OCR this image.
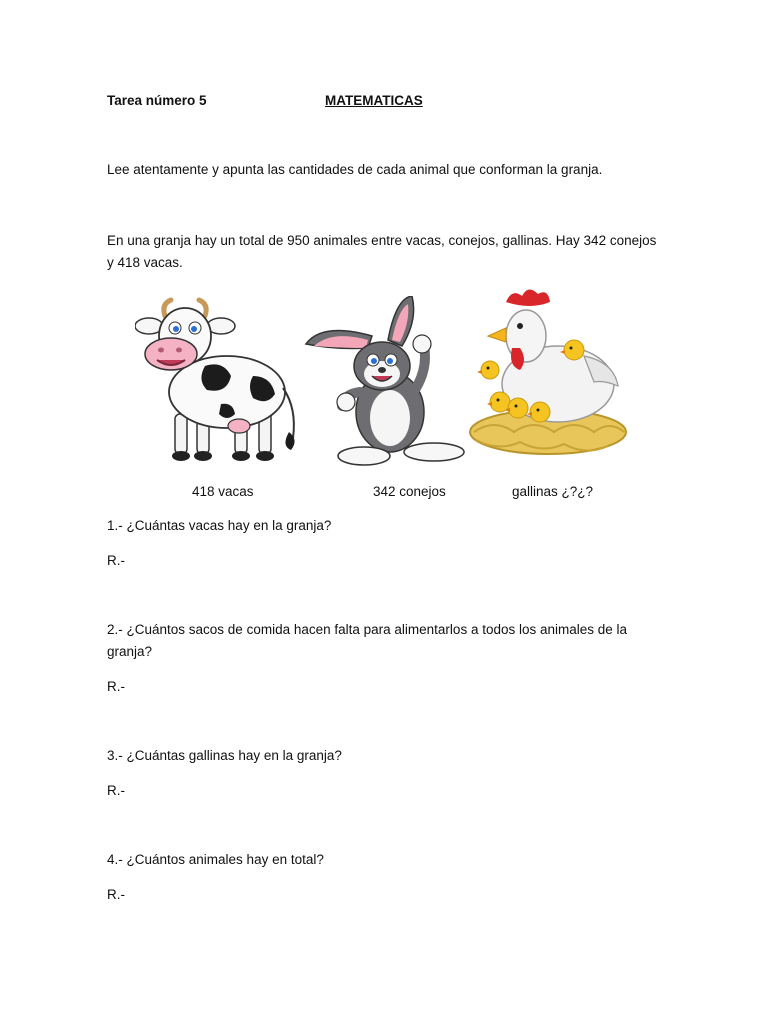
Tarea número 5	MATEMATICAS
Lee atentamente y apunta las cantidades de cada animal que conforman la granja.
En una granja hay un total de 950 animales entre vacas, conejos, gallinas. Hay 342 conejos
y 418 vacas.
418 vacas	342 conejos	gallinas ¿?¿?
1.- ¿Cuántas vacas hay en la granja?
R.-
2.- ¿Cuántos sacos de comida hacen falta para alimentarlos a todos los animales de la
granja?
R.-
3.- ¿Cuántas gallinas hay en la granja?
R.-
4.- ¿Cuántos animales hay en total?
R.-
